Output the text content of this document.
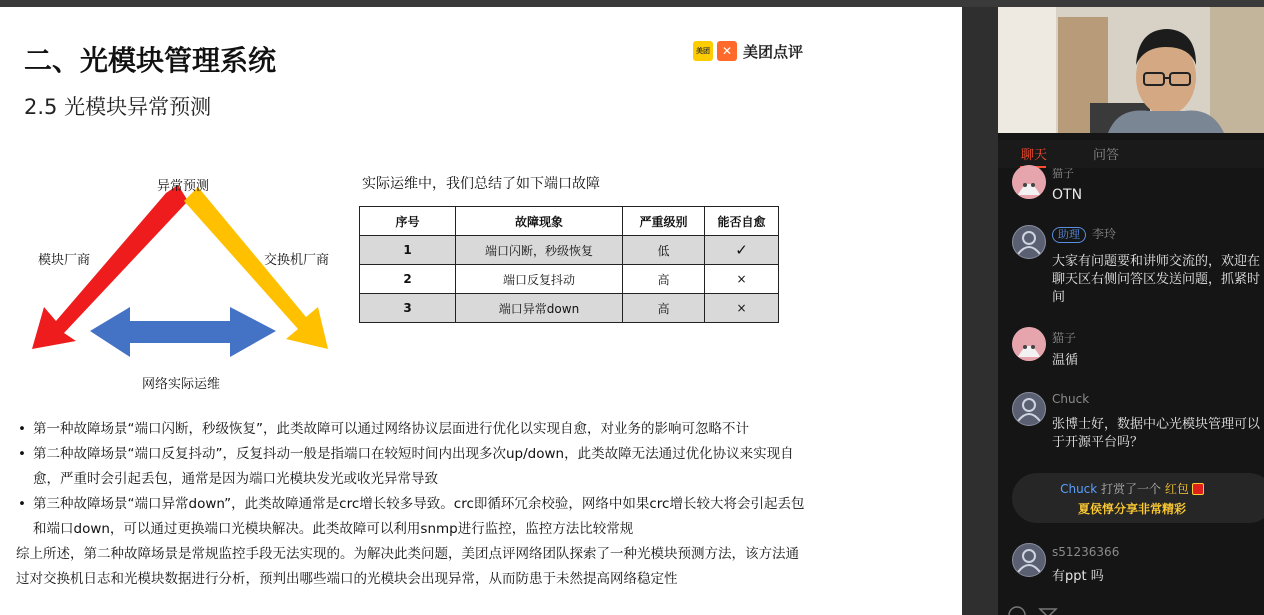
二、光模块管理系统
2.5 光模块异常预测
美团 ✕ 美团点评
异常预测
模块厂商	交换机厂商
网络实际运维
实际运维中，我们总结了如下端口故障
序号	故障现象	严重级别	能否自愈
1	端口闪断，秒级恢复	低	✓
2	端口反复抖动	高	×
3	端口异常down	高	×
• 第一种故障场景“端口闪断，秒级恢复”，此类故障可以通过网络协议层面进行优化以实现自愈，对业务的影响可忽略不计
• 第二种故障场景“端口反复抖动”，反复抖动一般是指端口在较短时间内出现多次up/down，此类故障无法通过优化协议来实现自愈，严重时会引起丢包，通常是因为端口光模块发光或收光异常导致
• 第三种故障场景“端口异常down”，此类故障通常是crc增长较多导致。crc即循环冗余校验，网络中如果crc增长较大将会引起丢包和端口down，可以通过更换端口光模块解决。此类故障可以利用snmp进行监控，监控方法比较常规
综上所述，第二种故障场景是常规监控手段无法实现的。为解决此类问题，美团点评网络团队探索了一种光模块预测方法，该方法通过对交换机日志和光模块数据进行分析，预判出哪些端口的光模块会出现异常，从而防患于未然提高网络稳定性
聊天	问答
猫子
OTN
助理 李玲
大家有问题要和讲师交流的，欢迎在
聊天区右侧问答区发送问题，抓紧时
间
猫子
温循
Chuck
张博士好，数据中心光模块管理可以
于开源平台吗？
Chuck 打赏了一个 红包
夏侯惇分享非常精彩
s51236366
有ppt 吗
